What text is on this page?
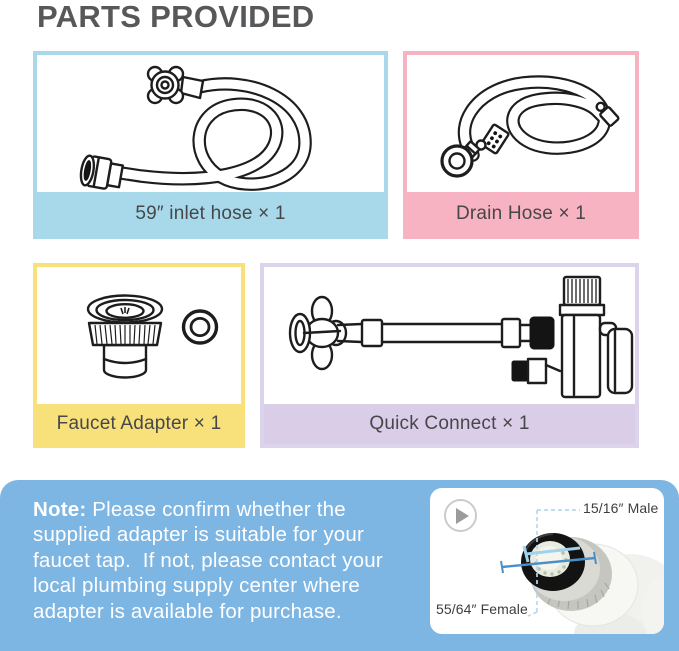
PARTS PROVIDED
59″ inlet hose × 1	Drain Hose × 1
Faucet Adapter × 1	Quick Connect × 1
Note: Please confirm whether the
supplied adapter is suitable for your
faucet tap.  If not, please contact your
local plumbing supply center where
adapter is available for purchase.
15/16″ Male
55/64″ Female
